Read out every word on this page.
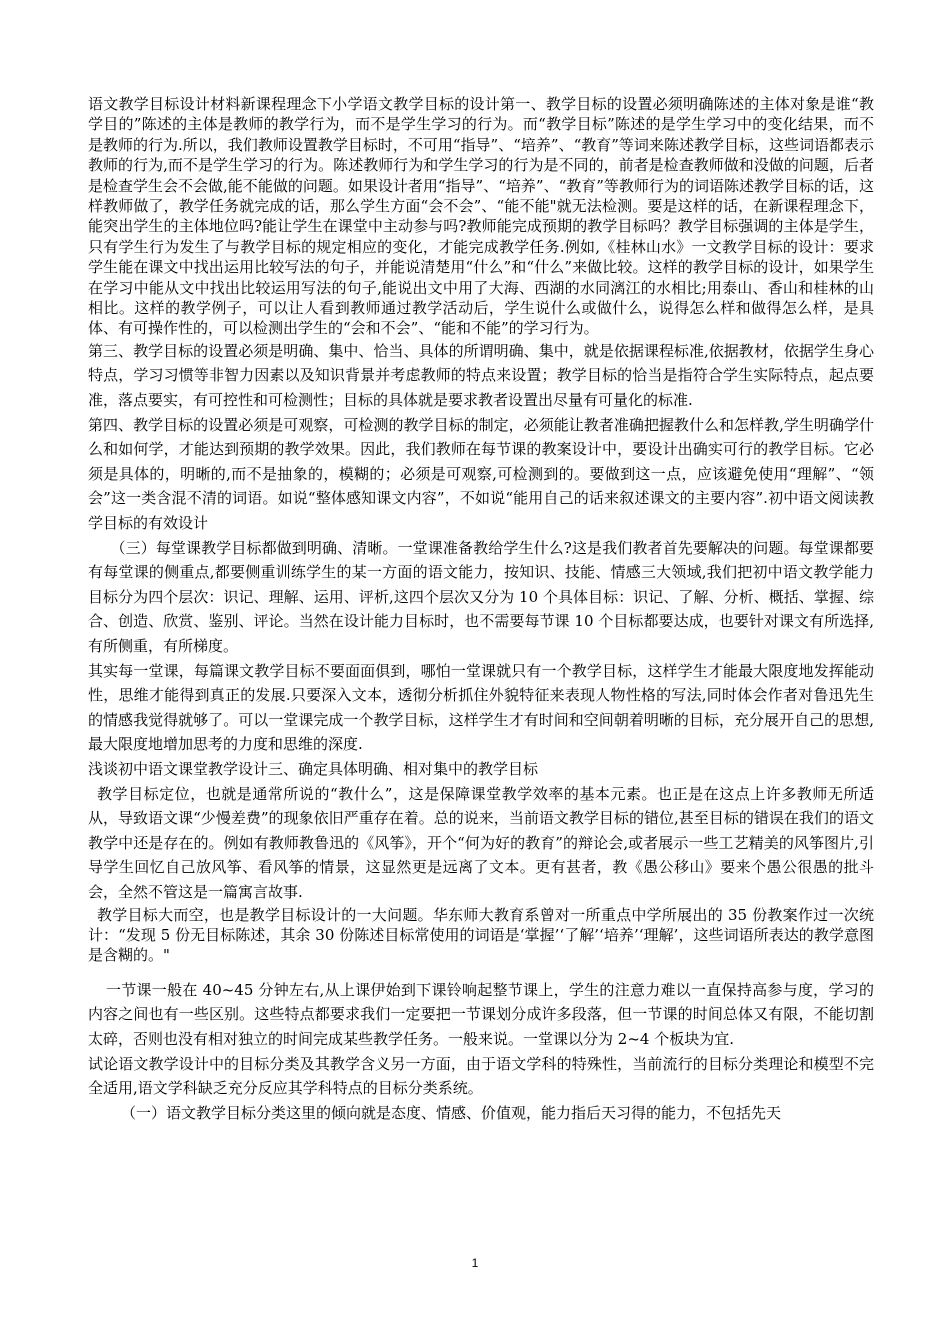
语文教学目标设计材料新课程理念下小学语文教学目标的设计第一、教学目标的设置必须明确陈述的主体对象是谁“教学目的”陈述的主体是教师的教学行为，而不是学生学习的行为。而“教学目标”陈述的是学生学习中的变化结果，而不是教师的行为.所以，我们教师设置教学目标时，不可用“指导”、“培养”、“教育”等词来陈述教学目标，这些词语都表示教师的行为,而不是学生学习的行为。陈述教师行为和学生学习的行为是不同的，前者是检查教师做和没做的问题，后者是检查学生会不会做,能不能做的问题。如果设计者用“指导”、“培养”、“教育”等教师行为的词语陈述教学目标的话，这样教师做了，教学任务就完成的话，那么学生方面“会不会”、“能不能"就无法检测。要是这样的话，在新课程理念下，能突出学生的主体地位吗?能让学生在课堂中主动参与吗?教师能完成预期的教学目标吗？教学目标强调的主体是学生，只有学生行为发生了与教学目标的规定相应的变化，才能完成教学任务.例如,《桂林山水》一文教学目标的设计：要求学生能在课文中找出运用比较写法的句子，并能说清楚用“什么”和“什么”来做比较。这样的教学目标的设计，如果学生在学习中能从文中找出比较运用写法的句子,能说出文中用了大海、西湖的水同漓江的水相比;用泰山、香山和桂林的山相比。这样的教学例子，可以让人看到教师通过教学活动后，学生说什么或做什么，说得怎么样和做得怎么样，是具体、有可操作性的，可以检测出学生的“会和不会”、“能和不能”的学习行为。

第三、教学目标的设置必须是明确、集中、恰当、具体的所谓明确、集中，就是依据课程标准,依据教材，依据学生身心特点，学习习惯等非智力因素以及知识背景并考虑教师的特点来设置；教学目标的恰当是指符合学生实际特点，起点要准，落点要实，有可控性和可检测性；目标的具体就是要求教者设置出尽量有可量化的标准.

第四、教学目标的设置必须是可观察，可检测的教学目标的制定，必须能让教者准确把握教什么和怎样教,学生明确学什么和如何学，才能达到预期的教学效果。因此，我们教师在每节课的教案设计中，要设计出确实可行的教学目标。它必须是具体的，明晰的,而不是抽象的，模糊的；必须是可观察,可检测到的。要做到这一点，应该避免使用“理解”、“领会”这一类含混不清的词语。如说“整体感知课文内容”，不如说“能用自己的话来叙述课文的主要内容”.初中语文阅读教学目标的有效设计

（三）每堂课教学目标都做到明确、清晰。一堂课准备教给学生什么?这是我们教者首先要解决的问题。每堂课都要有每堂课的侧重点,都要侧重训练学生的某一方面的语文能力，按知识、技能、情感三大领域,我们把初中语文教学能力目标分为四个层次：识记、理解、运用、评析,这四个层次又分为 10 个具体目标：识记、了解、分析、概括、掌握、综合、创造、欣赏、鉴别、评论。当然在设计能力目标时，也不需要每节课 10 个目标都要达成，也要针对课文有所选择,有所侧重，有所梯度。

其实每一堂课，每篇课文教学目标不要面面俱到，哪怕一堂课就只有一个教学目标，这样学生才能最大限度地发挥能动性，思维才能得到真正的发展.只要深入文本，透彻分析抓住外貌特征来表现人物性格的写法,同时体会作者对鲁迅先生的情感我觉得就够了。可以一堂课完成一个教学目标，这样学生才有时间和空间朝着明晰的目标，充分展开自己的思想,最大限度地增加思考的力度和思维的深度.

浅谈初中语文课堂教学设计三、确定具体明确、相对集中的教学目标

教学目标定位，也就是通常所说的“教什么”，这是保障课堂教学效率的基本元素。也正是在这点上许多教师无所适从，导致语文课“少慢差费”的现象依旧严重存在着。总的说来，当前语文教学目标的错位,甚至目标的错误在我们的语文教学中还是存在的。例如有教师教鲁迅的《风筝》，开个“何为好的教育”的辩论会,或者展示一些工艺精美的风筝图片,引导学生回忆自己放风筝、看风筝的情景，这显然更是远离了文本。更有甚者，教《愚公移山》要来个愚公很愚的批斗会，全然不管这是一篇寓言故事.

教学目标大而空，也是教学目标设计的一大问题。华东师大教育系曾对一所重点中学所展出的 35 份教案作过一次统计：“发现 5 份无目标陈述，其余 30 份陈述目标常使用的词语是‘掌握’‘了解’‘培养’‘理解’，这些词语所表达的教学意图是含糊的。"

一节课一般在 40~45 分钟左右,从上课伊始到下课铃响起整节课上，学生的注意力难以一直保持高参与度，学习的内容之间也有一些区别。这些特点都要求我们一定要把一节课划分成许多段落，但一节课的时间总体又有限，不能切割太碎，否则也没有相对独立的时间完成某些教学任务。一般来说。一堂课以分为 2~4 个板块为宜.

试论语文教学设计中的目标分类及其教学含义另一方面，由于语文学科的特殊性，当前流行的目标分类理论和模型不完全适用,语文学科缺乏充分反应其学科特点的目标分类系统。

（一）语文教学目标分类这里的倾向就是态度、情感、价值观，能力指后天习得的能力，不包括先天

1
